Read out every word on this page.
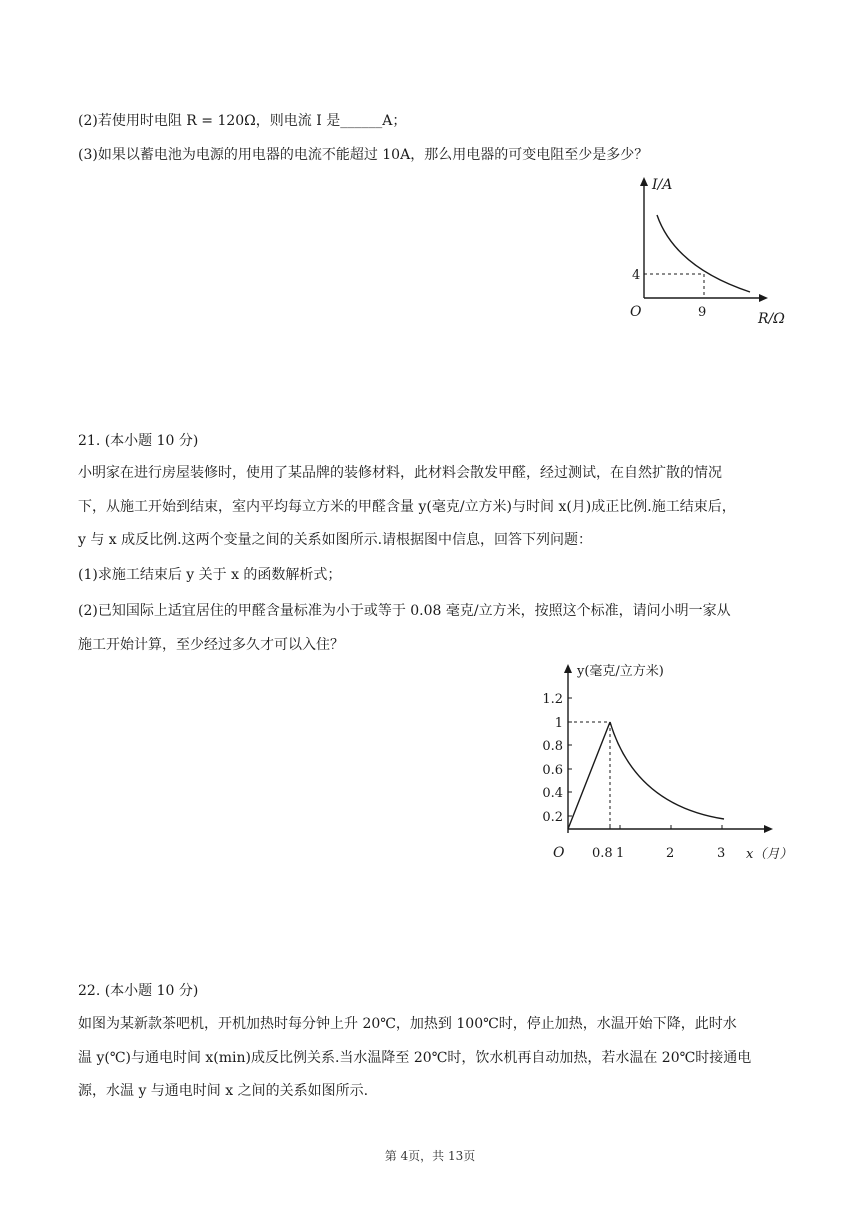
(2)若使用时电阻 R = 120Ω，则电流 I 是______A；

(3)如果以蓄电池为电源的用电器的电流不能超过 10A，那么用电器的可变电阻至少是多少？

I/A
4
O	9	R/Ω

21. (本小题 10 分)

小明家在进行房屋装修时，使用了某品牌的装修材料，此材料会散发甲醛，经过测试，在自然扩散的情况

下，从施工开始到结束，室内平均每立方米的甲醛含量 y(毫克/立方米)与时间 x(月)成正比例.施工结束后，

y 与 x 成反比例.这两个变量之间的关系如图所示.请根据图中信息，回答下列问题：

(1)求施工结束后 y 关于 x 的函数解析式；

(2)已知国际上适宜居住的甲醛含量标准为小于或等于 0.08 毫克/立方米，按照这个标准，请问小明一家从

施工开始计算，至少经过多久才可以入住？

y(毫克/立方米)
0.2
0.4
0.6
0.8
1
1.2
O 0.8 1	2	3 x（月）

22. (本小题 10 分)

如图为某新款茶吧机，开机加热时每分钟上升 20℃，加热到 100℃时，停止加热，水温开始下降，此时水

温 y(℃)与通电时间 x(min)成反比例关系.当水温降至 20℃时，饮水机再自动加热，若水温在 20℃时接通电

源，水温 y 与通电时间 x 之间的关系如图所示.

第 4页，共 13页
